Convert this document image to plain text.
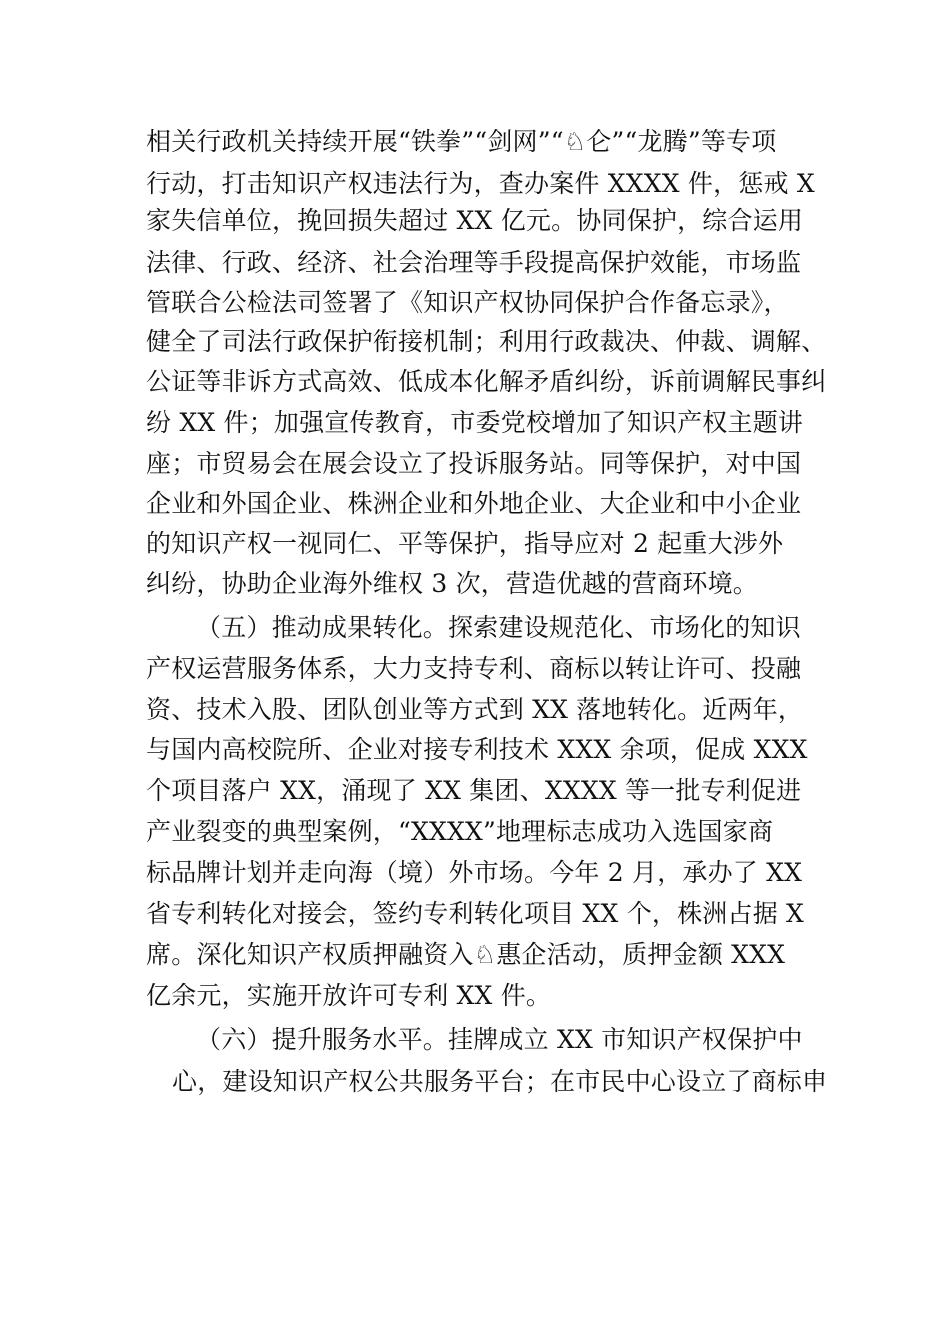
相关行政机关持续开展“铁拳”“剑网”“♘仑”“龙腾”等专项
行动，打击知识产权违法行为，查办案件 XXXX 件，惩戒 X
家失信单位，挽回损失超过 XX 亿元。协同保护，综合运用
法律、行政、经济、社会治理等手段提高保护效能，市场监
管联合公检法司签署了《知识产权协同保护合作备忘录》，
健全了司法行政保护衔接机制；利用行政裁决、仲裁、调解、
公证等非诉方式高效、低成本化解矛盾纠纷，诉前调解民事纠
纷 XX 件；加强宣传教育，市委党校增加了知识产权主题讲
座；市贸易会在展会设立了投诉服务站。同等保护，对中国
企业和外国企业、株洲企业和外地企业、大企业和中小企业
的知识产权一视同仁、平等保护，指导应对 2 起重大涉外
纠纷，协助企业海外维权 3 次，营造优越的营商环境。
（五）推动成果转化。探索建设规范化、市场化的知识
产权运营服务体系，大力支持专利、商标以转让许可、投融
资、技术入股、团队创业等方式到 XX 落地转化。近两年，
与国内高校院所、企业对接专利技术 XXX 余项，促成 XXX
个项目落户 XX，涌现了 XX 集团、XXXX 等一批专利促进
产业裂变的典型案例，“XXXX”地理标志成功入选国家商
标品牌计划并走向海（境）外市场。今年 2 月，承办了 XX
省专利转化对接会，签约专利转化项目 XX 个，株洲占据 X
席。深化知识产权质押融资入♘惠企活动，质押金额 XXX
亿余元，实施开放许可专利 XX 件。
（六）提升服务水平。挂牌成立 XX 市知识产权保护中
心，建设知识产权公共服务平台；在市民中心设立了商标申
